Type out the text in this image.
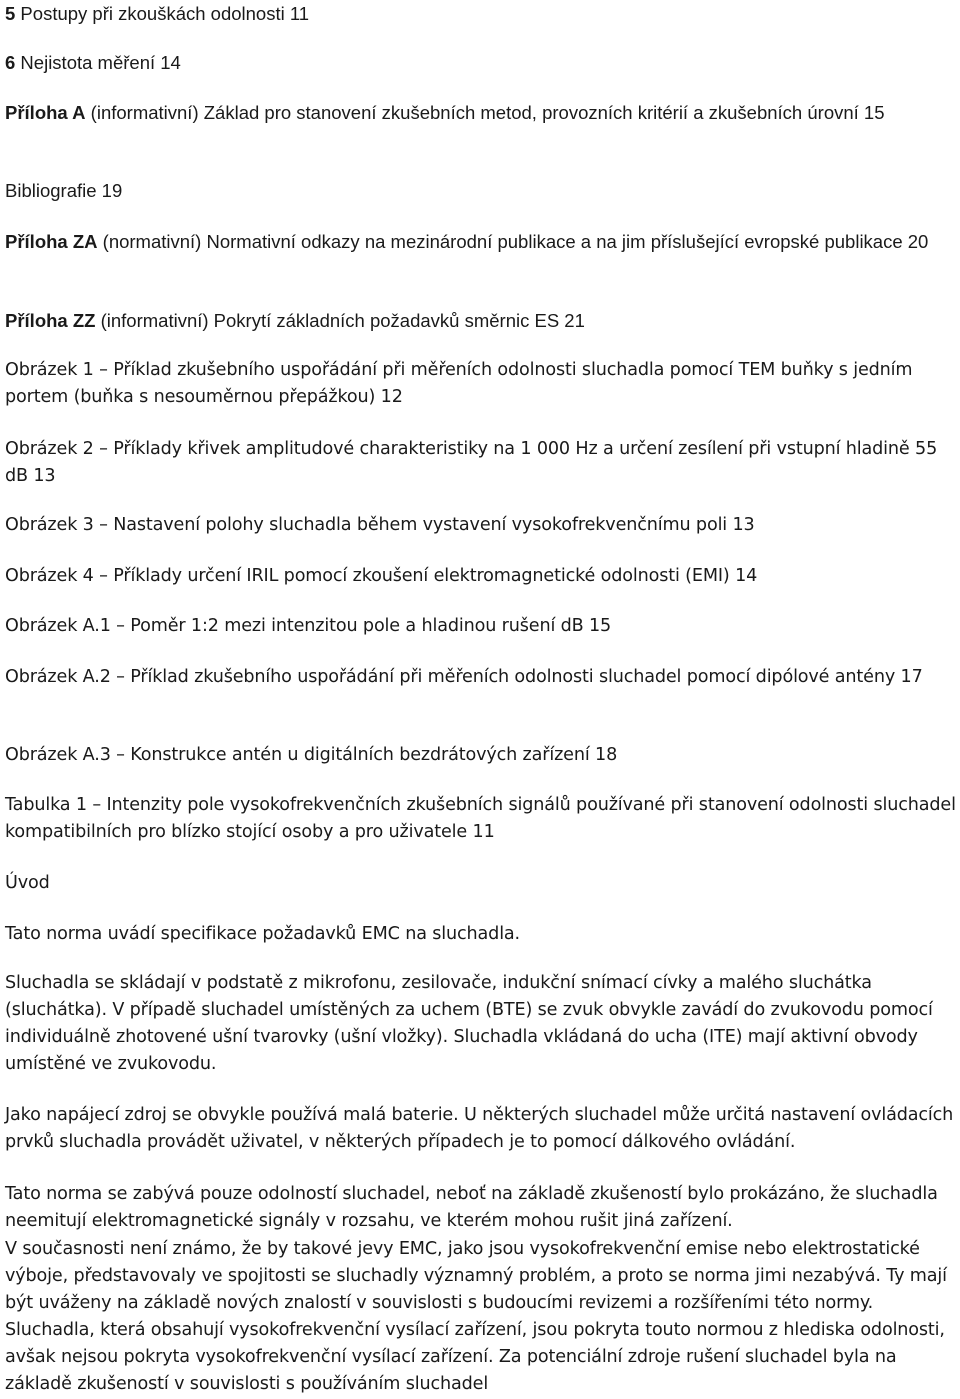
5 Postupy při zkouškách odolnosti 11

6 Nejistota měření 14

Příloha A (informativní) Základ pro stanovení zkušebních metod, provozních kritérií a zkušebních úrovní 15

Bibliografie 19

Příloha ZA (normativní) Normativní odkazy na mezinárodní publikace a na jim příslušející evropské publikace 20

Příloha ZZ (informativní) Pokrytí základních požadavků směrnic ES 21

Obrázek 1 – Příklad zkušebního uspořádání při měřeních odolnosti sluchadla pomocí TEM buňky s jedním portem (buňka s nesouměrnou přepážkou) 12

Obrázek 2 – Příklady křivek amplitudové charakteristiky na 1 000 Hz a určení zesílení při vstupní hladině 55 dB 13

Obrázek 3 – Nastavení polohy sluchadla během vystavení vysokofrekvenčnímu poli 13

Obrázek 4 – Příklady určení IRIL pomocí zkoušení elektromagnetické odolnosti (EMI) 14

Obrázek A.1 – Poměr 1:2 mezi intenzitou pole a hladinou rušení dB 15

Obrázek A.2 – Příklad zkušebního uspořádání při měřeních odolnosti sluchadel pomocí dipólové antény 17

Obrázek A.3 – Konstrukce antén u digitálních bezdrátových zařízení 18

Tabulka 1 – Intenzity pole vysokofrekvenčních zkušebních signálů používané při stanovení odolnosti sluchadel kompatibilních pro blízko stojící osoby a pro uživatele 11

Úvod

Tato norma uvádí specifikace požadavků EMC na sluchadla.

Sluchadla se skládají v podstatě z mikrofonu, zesilovače, indukční snímací cívky a malého sluchátka (sluchátka). V případě sluchadel umístěných za uchem (BTE) se zvuk obvykle zavádí do zvukovodu pomocí individuálně zhotovené ušní tvarovky (ušní vložky). Sluchadla vkládaná do ucha (ITE) mají aktivní obvody umístěné ve zvukovodu.

Jako napájecí zdroj se obvykle používá malá baterie. U některých sluchadel může určitá nastavení ovládacích prvků sluchadla provádět uživatel, v některých případech je to pomocí dálkového ovládání.

Tato norma se zabývá pouze odolností sluchadel, neboť na základě zkušeností bylo prokázáno, že sluchadla neemitují elektromagnetické signály v rozsahu, ve kterém mohou rušit jiná zařízení.

V současnosti není známo, že by takové jevy EMC, jako jsou vysokofrekvenční emise nebo elektrostatické výboje, představovaly ve spojitosti se sluchadly významný problém, a proto se norma jimi nezabývá. Ty mají být uváženy na základě nových znalostí v souvislosti s budoucími revizemi a rozšířeními této normy. Sluchadla, která obsahují vysokofrekvenční vysílací zařízení, jsou pokryta touto normou z hlediska odolnosti, avšak nejsou pokryta vysokofrekvenční vysílací zařízení. Za potenciální zdroje rušení sluchadel byla na základě zkušeností v souvislosti s používáním sluchadel
